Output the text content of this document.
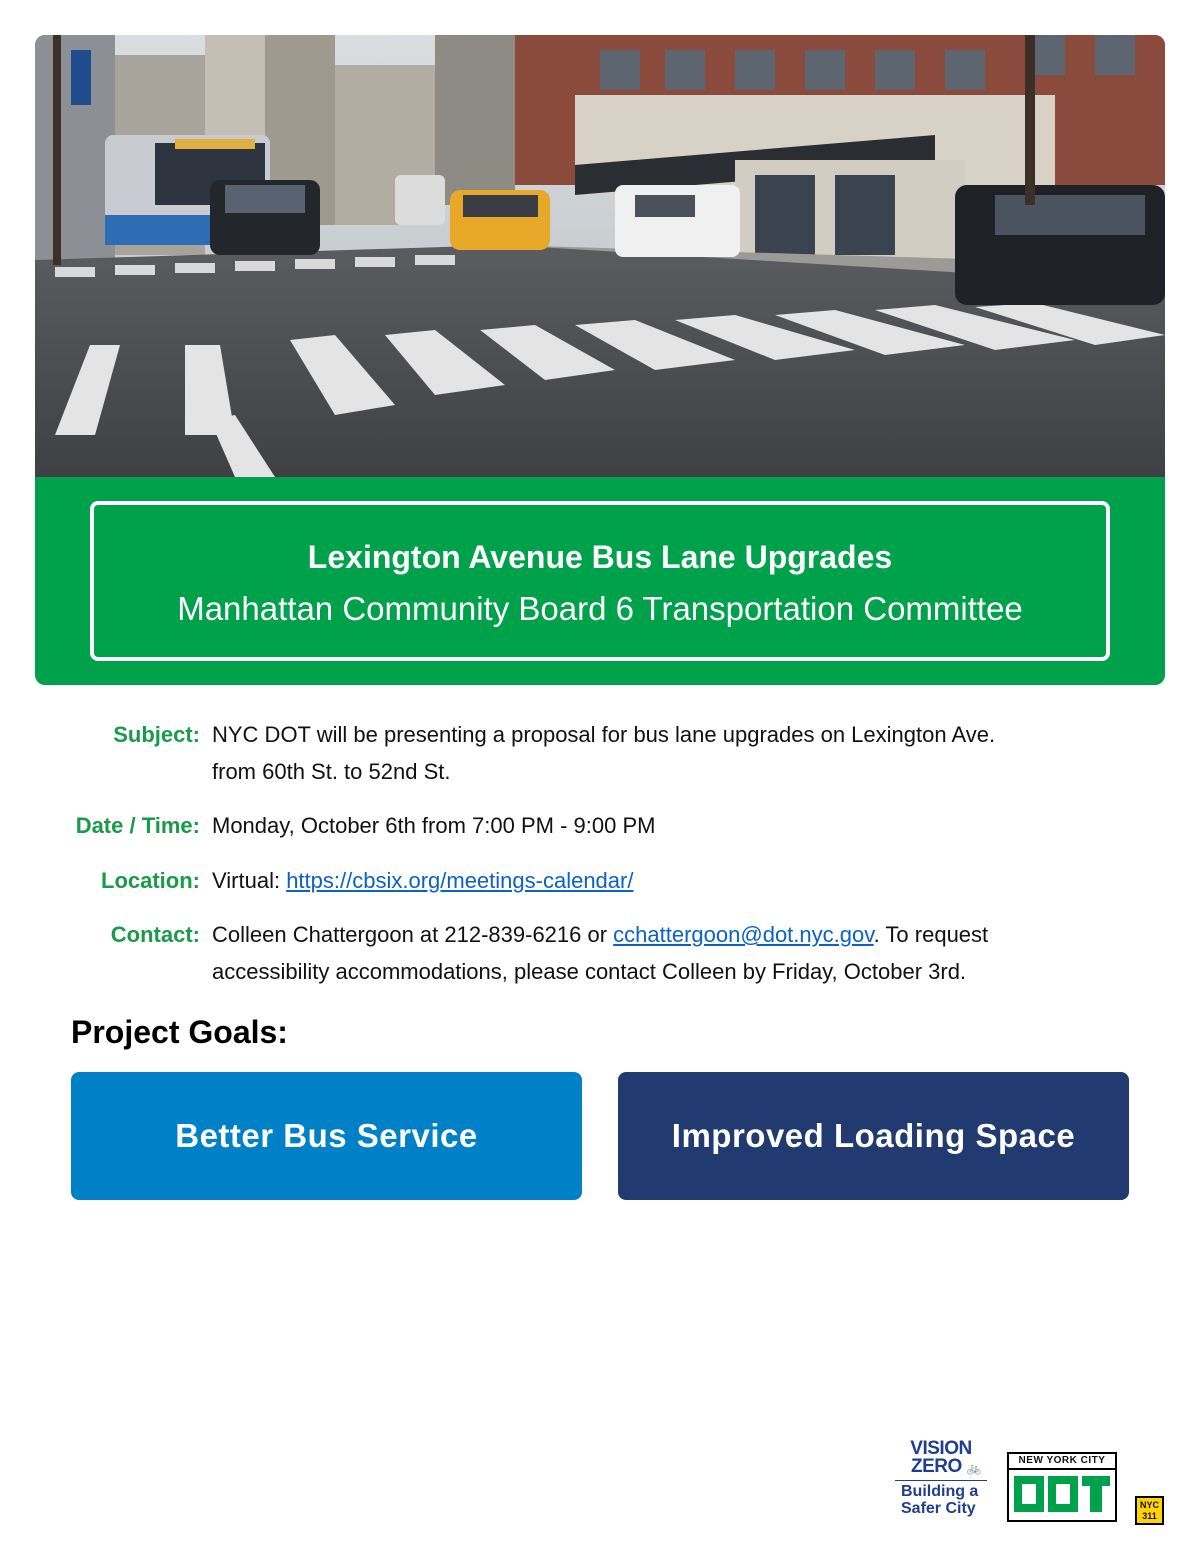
Lexington Avenue Bus Lane Upgrades
Manhattan Community Board 6 Transportation Committee
Subject: NYC DOT will be presenting a proposal for bus lane upgrades on Lexington Ave.
from 60th St. to 52nd St.
Date / Time: Monday, October 6th from 7:00 PM - 9:00 PM
Location: Virtual: https://cbsix.org/meetings-calendar/
Contact: Colleen Chattergoon at 212-839-6216 or cchattergoon@dot.nyc.gov. To request
accessibility accommodations, please contact Colleen by Friday, October 3rd.
Project Goals:
Better Bus Service	Improved Loading Space
VISION
ZERO 🚲
Building a
Safer City
NEW YORK CITY
NYC
311
